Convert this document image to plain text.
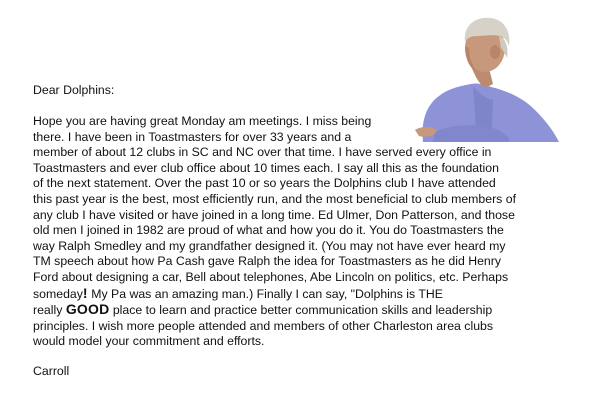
Dear Dolphins:
Hope you are having great Monday am meetings. I miss being
there. I have been in Toastmasters for over 33 years and a
member of about 12 clubs in SC and NC over that time. I have served every office in
Toastmasters and ever club office about 10 times each. I say all this as the foundation
of the next statement. Over the past 10 or so years the Dolphins club I have attended
this past year is the best, most efficiently run, and the most beneficial to club members of
any club I have visited or have joined in a long time. Ed Ulmer, Don Patterson, and those
old men I joined in 1982 are proud of what and how you do it. You do Toastmasters the
way Ralph Smedley and my grandfather designed it. (You may not have ever heard my
TM speech about how Pa Cash gave Ralph the idea for Toastmasters as he did Henry
Ford about designing a car, Bell about telephones, Abe Lincoln on politics, etc. Perhaps
someday! My Pa was an amazing man.) Finally I can say, "Dolphins is THE
really GOOD place to learn and practice better communication skills and leadership
principles. I wish more people attended and members of other Charleston area clubs
would model your commitment and efforts.
Carroll
